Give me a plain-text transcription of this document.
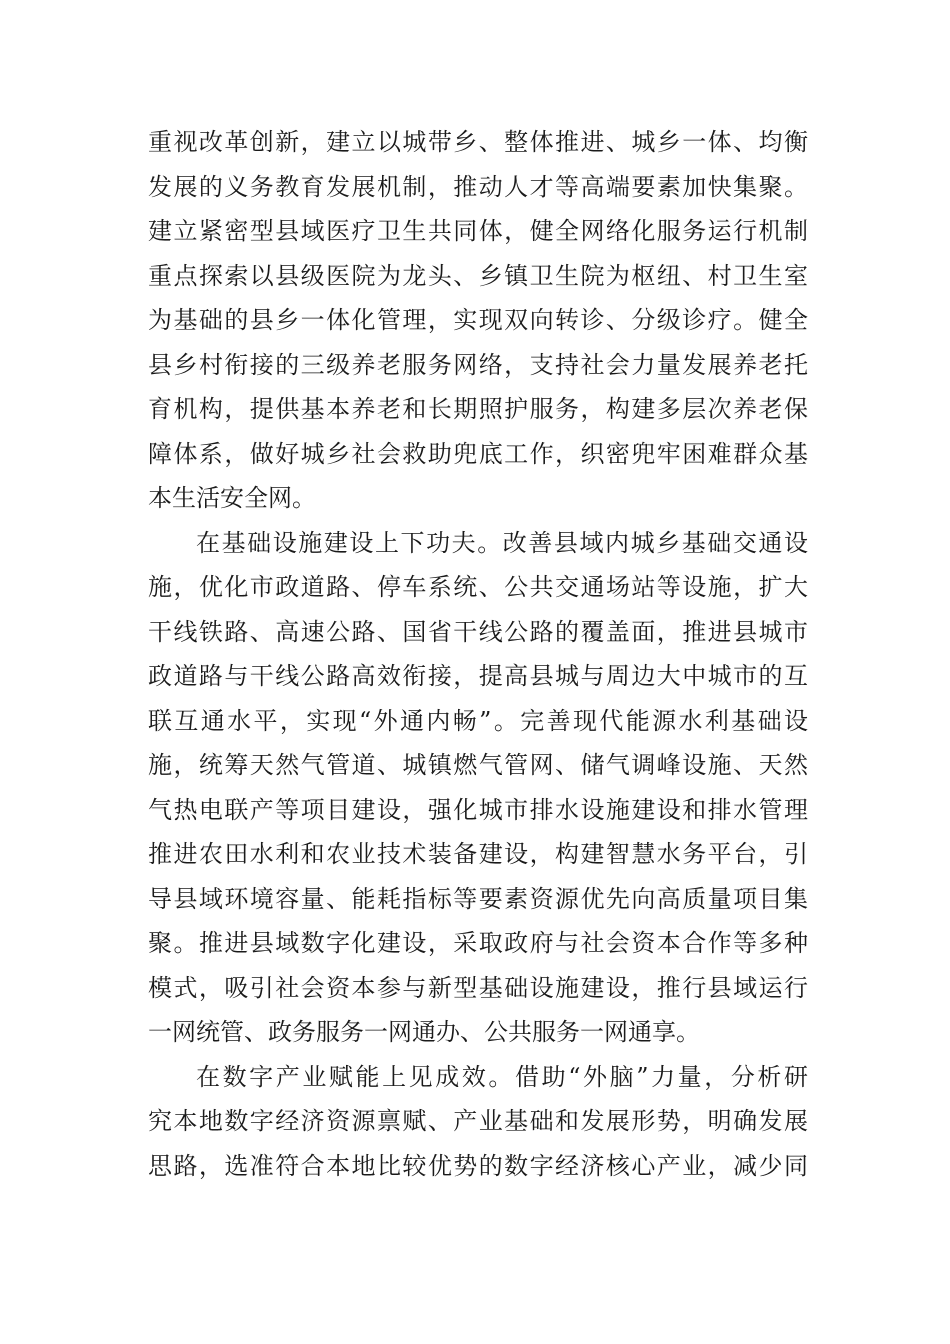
重视改革创新，建立以城带乡、整体推进、城乡一体、均衡
发展的义务教育发展机制，推动人才等高端要素加快集聚。
建立紧密型县域医疗卫生共同体，健全网络化服务运行机制
重点探索以县级医院为龙头、乡镇卫生院为枢纽、村卫生室
为基础的县乡一体化管理，实现双向转诊、分级诊疗。健全
县乡村衔接的三级养老服务网络，支持社会力量发展养老托
育机构，提供基本养老和长期照护服务，构建多层次养老保
障体系，做好城乡社会救助兜底工作，织密兜牢困难群众基
本生活安全网。
在基础设施建设上下功夫。改善县域内城乡基础交通设
施，优化市政道路、停车系统、公共交通场站等设施，扩大
干线铁路、高速公路、国省干线公路的覆盖面，推进县城市
政道路与干线公路高效衔接，提高县城与周边大中城市的互
联互通水平，实现“外通内畅”。完善现代能源水利基础设
施，统筹天然气管道、城镇燃气管网、储气调峰设施、天然
气热电联产等项目建设，强化城市排水设施建设和排水管理
推进农田水利和农业技术装备建设，构建智慧水务平台，引
导县域环境容量、能耗指标等要素资源优先向高质量项目集
聚。推进县域数字化建设，采取政府与社会资本合作等多种
模式，吸引社会资本参与新型基础设施建设，推行县域运行
一网统管、政务服务一网通办、公共服务一网通享。
在数字产业赋能上见成效。借助“外脑”力量，分析研
究本地数字经济资源禀赋、产业基础和发展形势，明确发展
思路，选准符合本地比较优势的数字经济核心产业，减少同
